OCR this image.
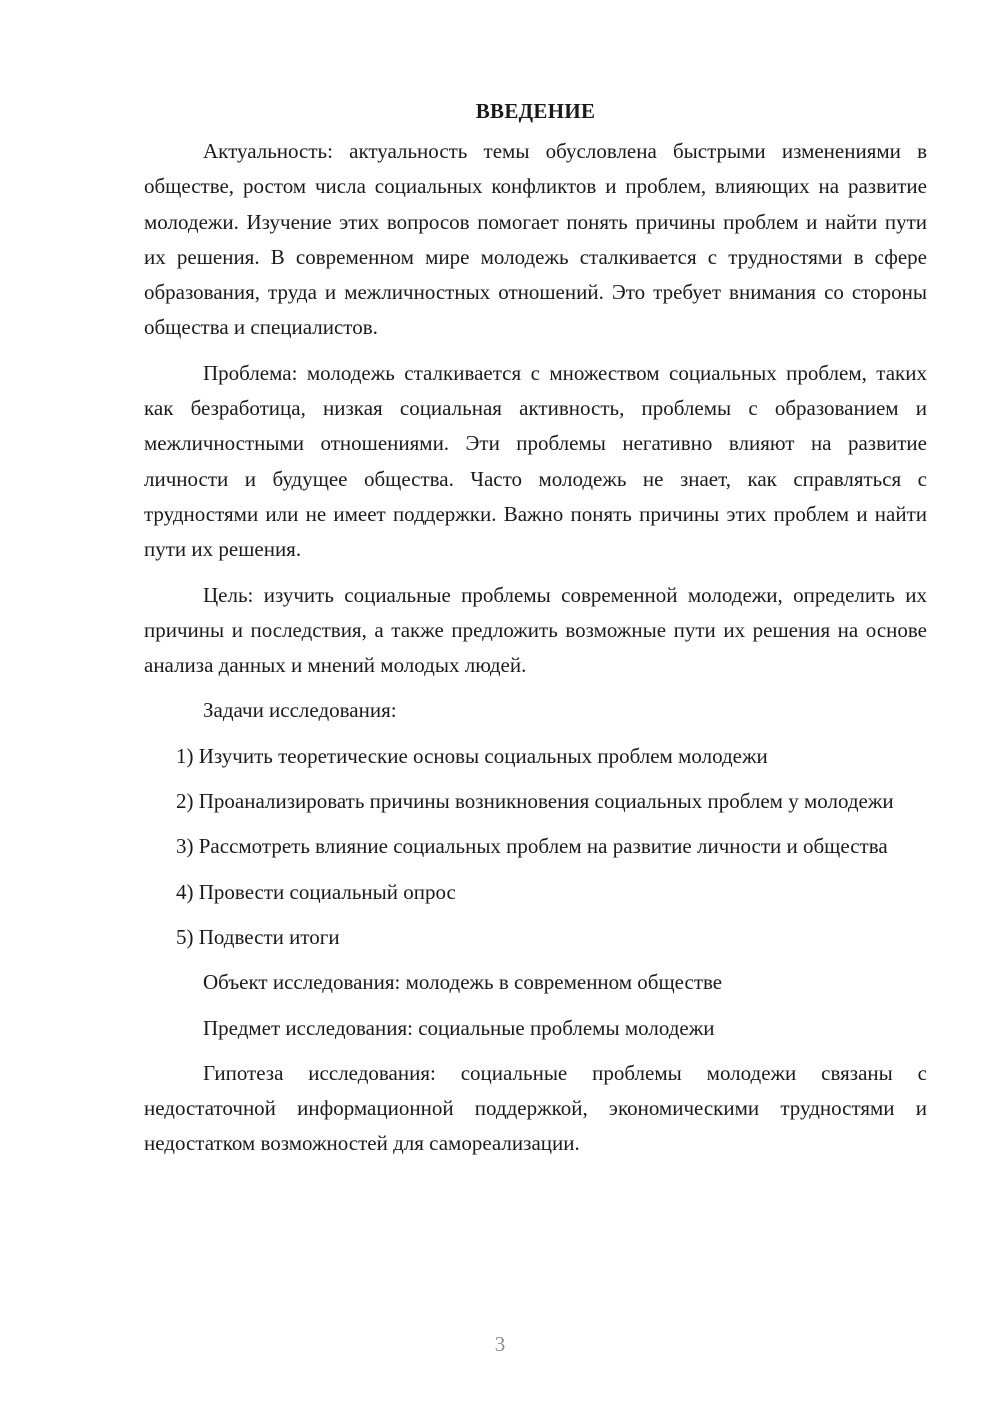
ВВЕДЕНИЕ

Актуальность: актуальность темы обусловлена быстрыми изменениями в обществе, ростом числа социальных конфликтов и проблем, влияющих на развитие молодежи. Изучение этих вопросов помогает понять причины проблем и найти пути их решения. В современном мире молодежь сталкивается с трудностями в сфере образования, труда и межличностных отношений. Это требует внимания со стороны общества и специалистов.

Проблема: молодежь сталкивается с множеством социальных проблем, таких как безработица, низкая социальная активность, проблемы с образованием и межличностными отношениями. Эти проблемы негативно влияют на развитие личности и будущее общества. Часто молодежь не знает, как справляться с трудностями или не имеет поддержки. Важно понять причины этих проблем и найти пути их решения.

Цель: изучить социальные проблемы современной молодежи, определить их причины и последствия, а также предложить возможные пути их решения на основе анализа данных и мнений молодых людей.

Задачи исследования:

1) Изучить теоретические основы социальных проблем молодежи

2) Проанализировать причины возникновения социальных проблем у молодежи

3) Рассмотреть влияние социальных проблем на развитие личности и общества

4) Провести социальный опрос

5) Подвести итоги

Объект исследования: молодежь в современном обществе

Предмет исследования: социальные проблемы молодежи

Гипотеза исследования: социальные проблемы молодежи связаны с недостаточной информационной поддержкой, экономическими трудностями и недостатком возможностей для самореализации.

3
